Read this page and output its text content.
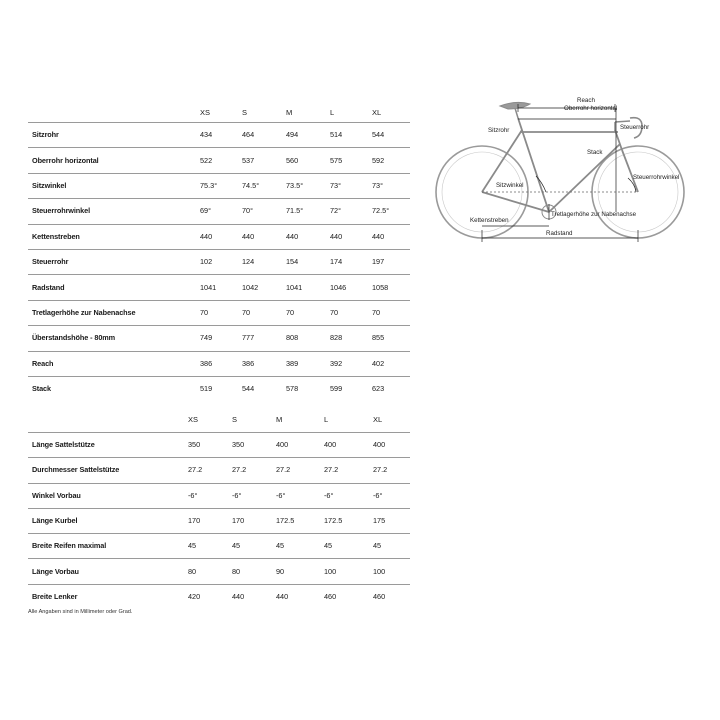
XS	S	M	L	XL
Sitzrohr	434	464	494	514	544
Oberrohr horizontal	522	537	560	575	592
Sitzwinkel	75.3°	74.5°	73.5°	73°	73°
Steuerrohrwinkel	69°	70°	71.5°	72°	72.5°
Kettenstreben	440	440	440	440	440
Steuerrohr	102	124	154	174	197
Radstand	1041	1042	1041	1046	1058
Tretlagerhöhe zur Nabenachse	70	70	70	70	70
Überstandshöhe - 80mm	749	777	808	828	855
Reach	386	386	389	392	402
Stack	519	544	578	599	623
XS	S	M	L	XL
Länge Sattelstütze	350	350	400	400	400
Durchmesser Sattelstütze	27.2	27.2	27.2	27.2	27.2
Winkel Vorbau	-6°	-6°	-6°	-6°	-6°
Länge Kurbel	170	170	172.5	172.5	175
Breite Reifen maximal	45	45	45	45	45
Länge Vorbau	80	80	90	100	100
Breite Lenker	420	440	440	460	460
Alle Angaben sind in Millimeter oder Grad.
Reach
Oberrohr horizontal
Sitzrohr	Steuerrohr
Stack
Sitzwinkel
Steuerrohrwinkel
Kettenstreben
Tretlagerhöhe zur Nabenachse
Radstand
